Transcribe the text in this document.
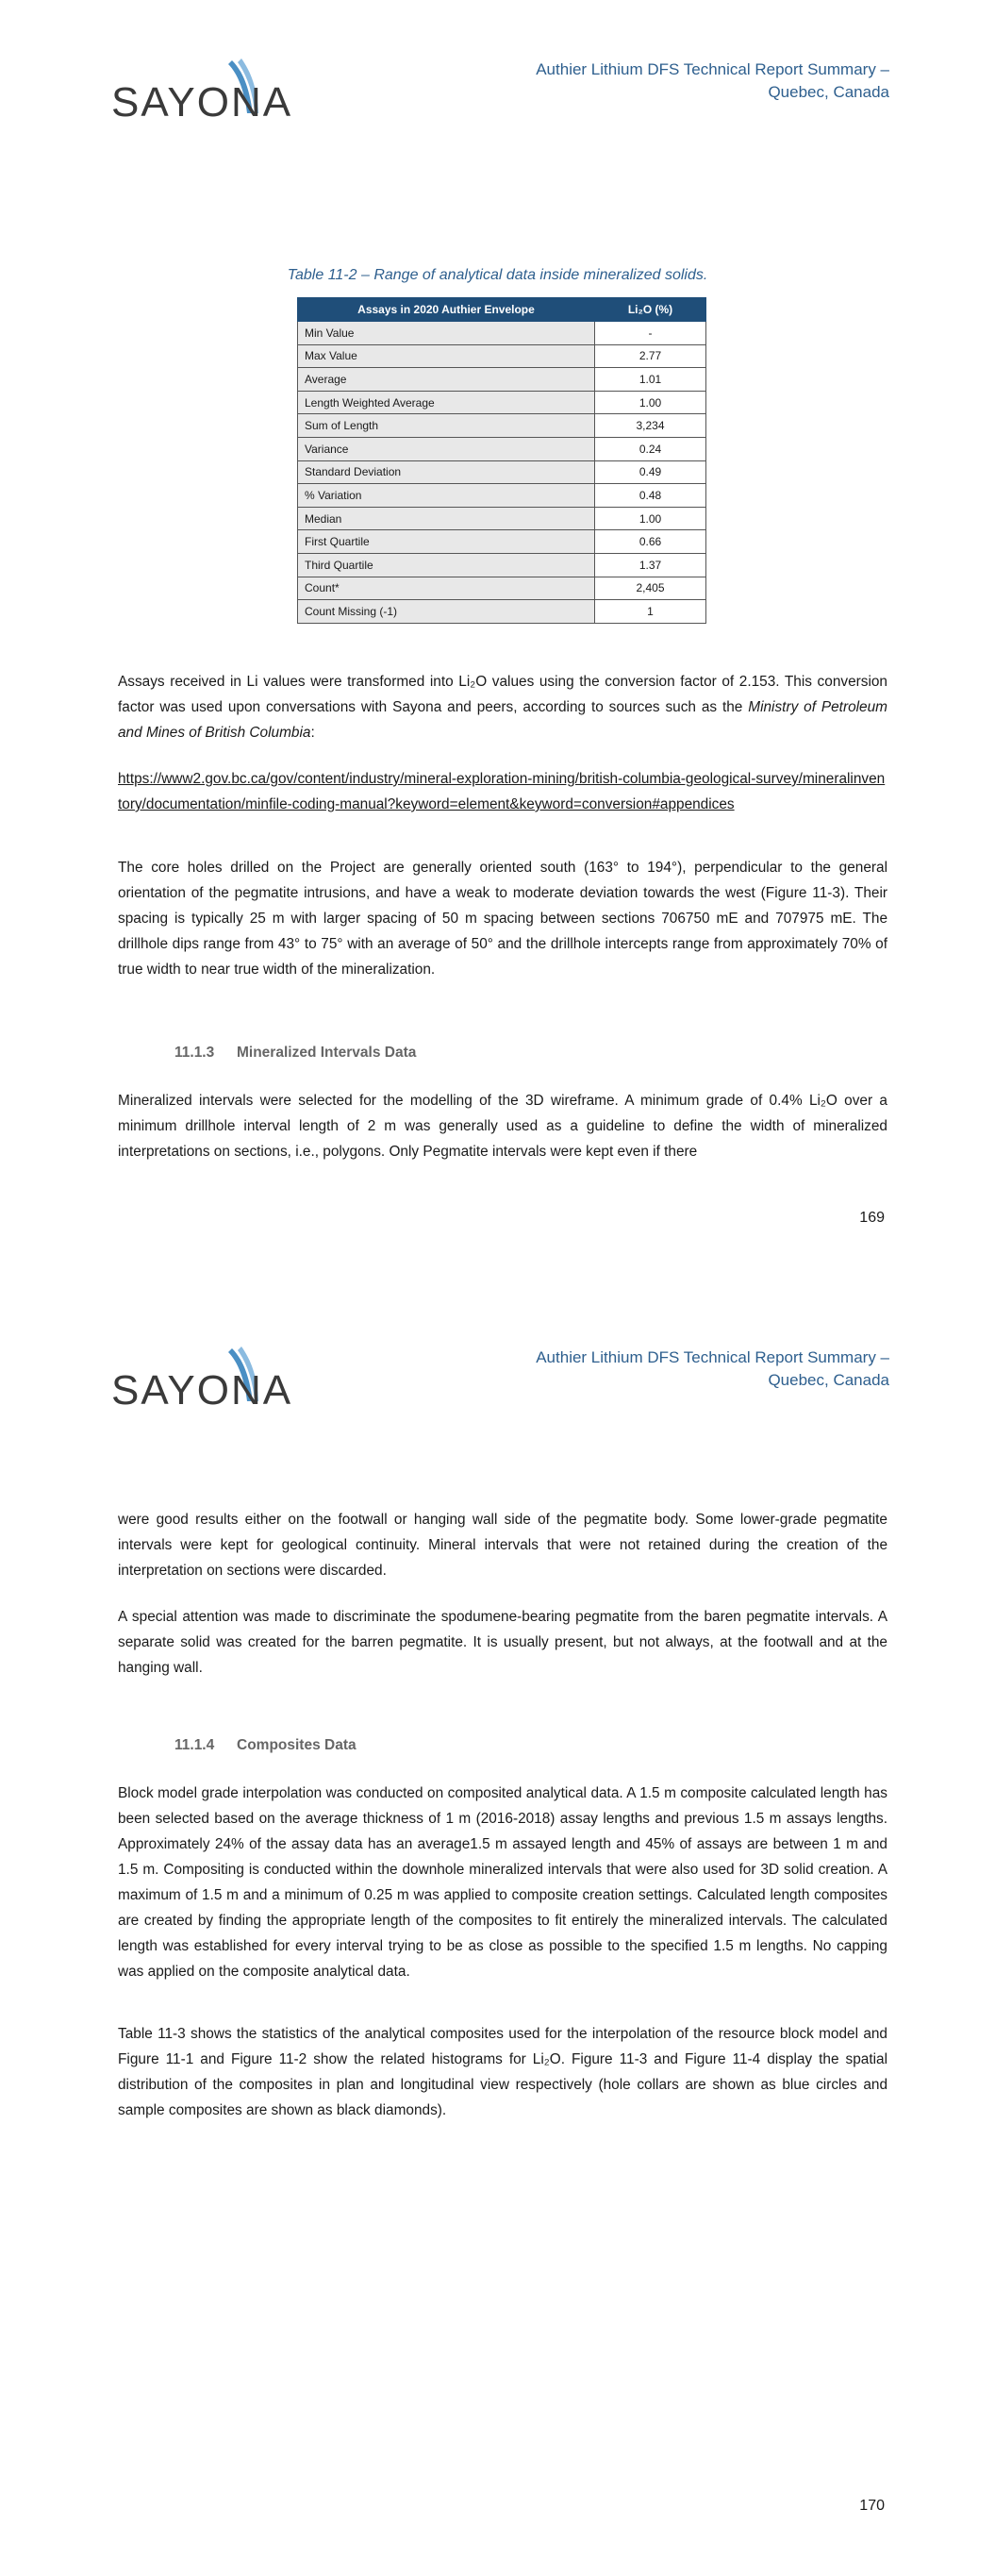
SAYONA
Authier Lithium DFS Technical Report Summary –
Quebec, Canada
Table 11-2 – Range of analytical data inside mineralized solids.
Assays in 2020 Authier Envelope	Li₂O (%)
Min Value	-
Max Value	2.77
Average	1.01
Length Weighted Average	1.00
Sum of Length	3,234
Variance	0.24
Standard Deviation	0.49
% Variation	0.48
Median	1.00
First Quartile	0.66
Third Quartile	1.37
Count*	2,405
Count Missing (-1)	1

Assays received in Li values were transformed into Li₂O values using the conversion factor of 2.153. This conversion factor was used upon conversations with Sayona and peers, according to sources such as the Ministry of Petroleum and Mines of British Columbia:

https://www2.gov.bc.ca/gov/content/industry/mineral-exploration-mining/british-columbia-geological-survey/mineralinventory/documentation/minfile-coding-manual?keyword=element&keyword=conversion#appendices

The core holes drilled on the Project are generally oriented south (163° to 194°), perpendicular to the general orientation of the pegmatite intrusions, and have a weak to moderate deviation towards the west (Figure 11-3). Their spacing is typically 25 m with larger spacing of 50 m spacing between sections 706750 mE and 707975 mE. The drillhole dips range from 43° to 75° with an average of 50° and the drillhole intercepts range from approximately 70% of true width to near true width of the mineralization.

11.1.3 Mineralized Intervals Data

Mineralized intervals were selected for the modelling of the 3D wireframe. A minimum grade of 0.4% Li₂O over a minimum drillhole interval length of 2 m was generally used as a guideline to define the width of mineralized interpretations on sections, i.e., polygons. Only Pegmatite intervals were kept even if there

169
SAYONA
Authier Lithium DFS Technical Report Summary –
Quebec, Canada

were good results either on the footwall or hanging wall side of the pegmatite body. Some lower-grade pegmatite intervals were kept for geological continuity. Mineral intervals that were not retained during the creation of the interpretation on sections were discarded.

A special attention was made to discriminate the spodumene-bearing pegmatite from the baren pegmatite intervals. A separate solid was created for the barren pegmatite. It is usually present, but not always, at the footwall and at the hanging wall.

11.1.4 Composites Data

Block model grade interpolation was conducted on composited analytical data. A 1.5 m composite calculated length has been selected based on the average thickness of 1 m (2016-2018) assay lengths and previous 1.5 m assays lengths. Approximately 24% of the assay data has an average1.5 m assayed length and 45% of assays are between 1 m and 1.5 m. Compositing is conducted within the downhole mineralized intervals that were also used for 3D solid creation. A maximum of 1.5 m and a minimum of 0.25 m was applied to composite creation settings. Calculated length composites are created by finding the appropriate length of the composites to fit entirely the mineralized intervals. The calculated length was established for every interval trying to be as close as possible to the specified 1.5 m lengths. No capping was applied on the composite analytical data.

Table 11-3 shows the statistics of the analytical composites used for the interpolation of the resource block model and Figure 11-1 and Figure 11-2 show the related histograms for Li₂O. Figure 11-3 and Figure 11-4 display the spatial distribution of the composites in plan and longitudinal view respectively (hole collars are shown as blue circles and sample composites are shown as black diamonds).

170
